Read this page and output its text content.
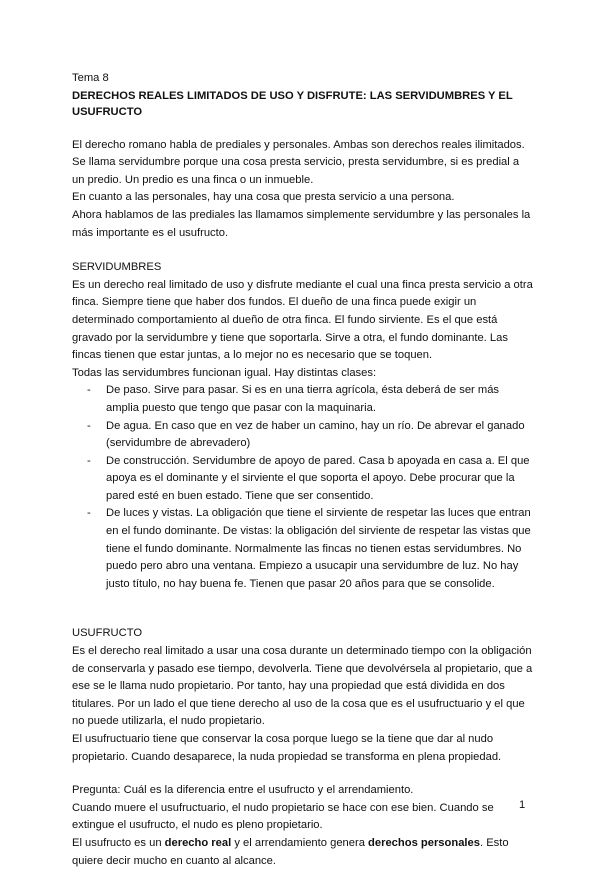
Tema 8

DERECHOS REALES LIMITADOS DE USO Y DISFRUTE: LAS SERVIDUMBRES Y EL USUFRUCTO

El derecho romano habla de prediales y personales. Ambas son derechos reales ilimitados. Se llama servidumbre porque una cosa presta servicio, presta servidumbre, si es predial a un predio. Un predio es una finca o un inmueble.

En cuanto a las personales, hay una cosa que presta servicio a una persona.

Ahora hablamos de las prediales las llamamos simplemente servidumbre y las personales la más importante es el usufructo.

SERVIDUMBRES

Es un derecho real limitado de uso y disfrute mediante el cual una finca presta servicio a otra finca. Siempre tiene que haber dos fundos. El dueño de una finca puede exigir un determinado comportamiento al dueño de otra finca. El fundo sirviente. Es el que está gravado por la servidumbre y tiene que soportarla. Sirve a otra, el fundo dominante. Las fincas tienen que estar juntas, a lo mejor no es necesario que se toquen.

Todas las servidumbres funcionan igual. Hay distintas clases:

- De paso. Sirve para pasar. Si es en una tierra agrícola, ésta deberá de ser más amplia puesto que tengo que pasar con la maquinaria.
- De agua. En caso que en vez de haber un camino, hay un río. De abrevar el ganado (servidumbre de abrevadero)
- De construcción. Servidumbre de apoyo de pared. Casa b apoyada en casa a. El que apoya es el dominante y el sirviente el que soporta el apoyo. Debe procurar que la pared esté en buen estado. Tiene que ser consentido.
- De luces y vistas. La obligación que tiene el sirviente de respetar las luces que entran en el fundo dominante. De vistas: la obligación del sirviente de respetar las vistas que tiene el fundo dominante. Normalmente las fincas no tienen estas servidumbres. No puedo pero abro una ventana. Empiezo a usucapir una servidumbre de luz. No hay justo título, no hay buena fe. Tienen que pasar 20 años para que se consolide.

USUFRUCTO

Es el derecho real limitado a usar una cosa durante un determinado tiempo con la obligación de conservarla y pasado ese tiempo, devolverla. Tiene que devolvérsela al propietario, que a ese se le llama nudo propietario. Por tanto, hay una propiedad que está dividida en dos titulares. Por un lado el que tiene derecho al uso de la cosa que es el usufructuario y el que no puede utilizarla, el nudo propietario.

El usufructuario tiene que conservar la cosa porque luego se la tiene que dar al nudo propietario. Cuando desaparece, la nuda propiedad se transforma en plena propiedad.

Pregunta: Cuál es la diferencia entre el usufructo y el arrendamiento.

Cuando muere el usufructuario, el nudo propietario se hace con ese bien. Cuando se extingue el usufructo, el nudo es pleno propietario.

El usufructo es un derecho real y el arrendamiento genera derechos personales. Esto quiere decir mucho en cuanto al alcance.

1
